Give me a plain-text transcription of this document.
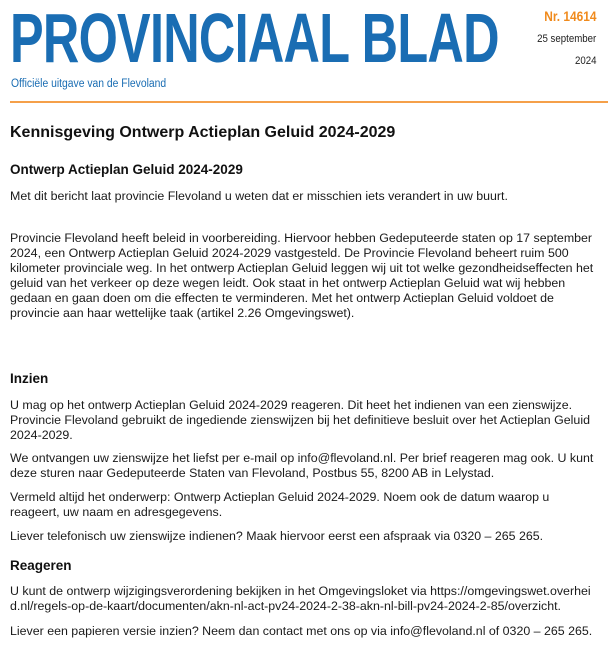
PROVINCIAAL BLAD
Officiële uitgave van de Flevoland
Nr. 14614
25 september
2024
Kennisgeving Ontwerp Actieplan Geluid 2024-2029
Ontwerp Actieplan Geluid 2024-2029

Met dit bericht laat provincie Flevoland u weten dat er misschien iets verandert in uw buurt.

Provincie Flevoland heeft beleid in voorbereiding. Hiervoor hebben Gedeputeerde staten op 17 september 2024, een Ontwerp Actieplan Geluid 2024-2029 vastgesteld. De Provincie Flevoland beheert ruim 500 kilometer provinciale weg. In het ontwerp Actieplan Geluid leggen wij uit tot welke gezondheidseffecten het geluid van het verkeer op deze wegen leidt. Ook staat in het ontwerp Actieplan Geluid wat wij hebben gedaan en gaan doen om die effecten te verminderen. Met het ontwerp Actieplan Geluid voldoet de provincie aan haar wettelijke taak (artikel 2.26 Omgevingswet).

Inzien

U mag op het ontwerp Actieplan Geluid 2024-2029 reageren. Dit heet het indienen van een zienswijze. Provincie Flevoland gebruikt de ingediende zienswijzen bij het definitieve besluit over het Actieplan Geluid 2024-2029.

We ontvangen uw zienswijze het liefst per e-mail op info@flevoland.nl. Per brief reageren mag ook. U kunt deze sturen naar Gedeputeerde Staten van Flevoland, Postbus 55, 8200 AB in Lelystad.

Vermeld altijd het onderwerp: Ontwerp Actieplan Geluid 2024-2029. Noem ook de datum waarop u reageert, uw naam en adresgegevens.

Liever telefonisch uw zienswijze indienen? Maak hiervoor eerst een afspraak via 0320 – 265 265.

Reageren

U kunt de ontwerp wijzigingsverordening bekijken in het Omgevingsloket via https://omgevingswet.overheid.nl/regels-op-de-kaart/documenten/akn-nl-act-pv24-2024-2-38-akn-nl-bill-pv24-2024-2-85/overzicht.

Liever een papieren versie inzien? Neem dan contact met ons op via info@flevoland.nl of 0320 – 265 265.
